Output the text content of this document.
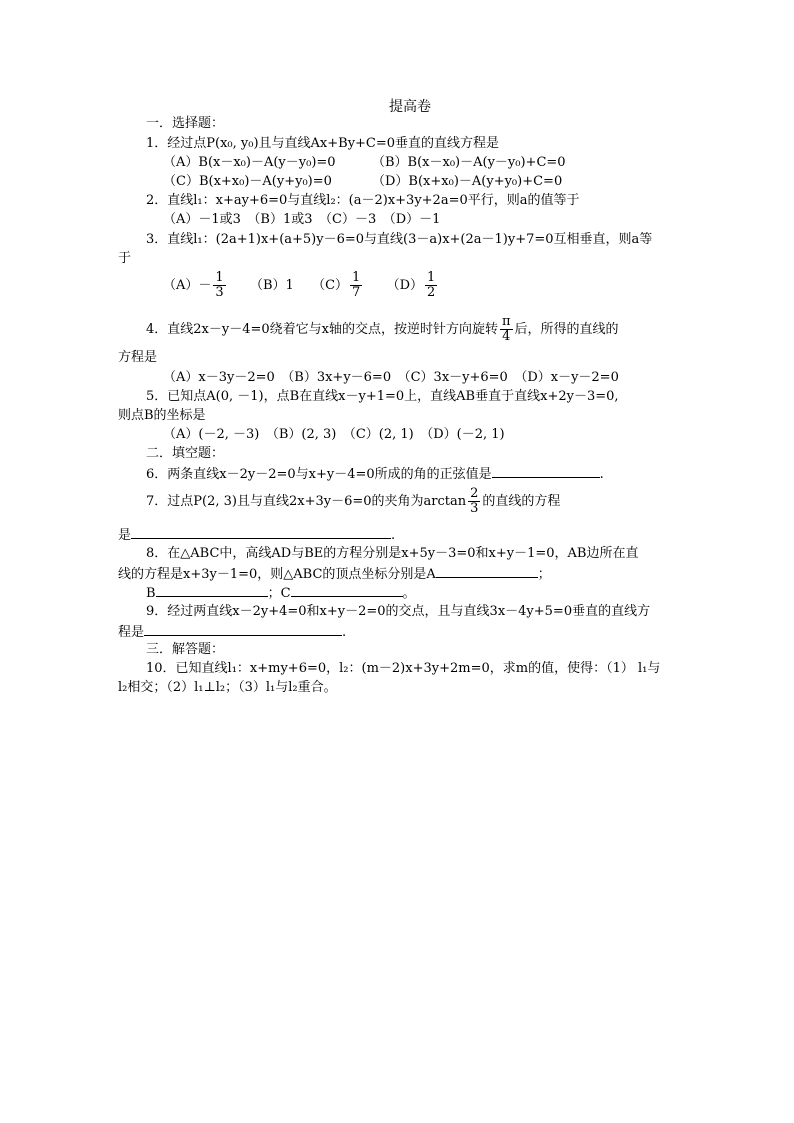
提高卷
一．选择题：
1．经过点P(x₀, y₀)且与直线Ax+By+C=0垂直的直线方程是
（A）B(x－x₀)－A(y－y₀)=0	（B）B(x－x₀)－A(y－y₀)+C=0
（C）B(x+x₀)－A(y+y₀)=0	（D）B(x+x₀)－A(y+y₀)+C=0
2．直线l₁：x+ay+6=0与直线l₂：(a－2)x+3y+2a=0平行，则a的值等于
（A）－1或3　（B）1或3　（C）－3　（D）－1
3．直线l₁：(2a+1)x+(a+5)y－6=0与直线(3－a)x+(2a－1)y+7=0互相垂直，则a等
于
$(A)- \frac{1}{3} (B)1$ $(C) \frac{1}{7} (D) \frac{1}{2}$
4．直线2x－y－4=0绕着它与x轴的交点，按逆时针方向旋转 $\frac{\pi}{4}$ 后，所得的直线的
方程是
（A）x－3y－2=0　（B）3x+y－6=0　（C）3x－y+6=0　（D）x－y－2=0
5．已知点A(0, －1)，点B在直线x－y+1=0上，直线AB垂直于直线x+2y－3=0,
则点B的坐标是
（A）(－2, －3)　（B）(2, 3)　（C）(2, 1)　（D）(－2, 1)
二．填空题：
6．两条直线x－2y－2=0与x+y－4=0所成的角的正弦值是	.
7．过点P(2, 3)且与直线2x+3y－6=0的夹角为$\arctan \frac{2}{3}$ 的直线的方程
是	.
8．在△ABC中，高线AD与BE的方程分别是x+5y－3=0和x+y－1=0，AB边所在直
线的方程是x+3y－1=0，则△ABC的顶点坐标分别是A	；
B	；C	。
9．经过两直线x－2y+4=0和x+y－2=0的交点，且与直线3x－4y+5=0垂直的直线方
程是	.
三．解答题：
10．已知直线l₁：x+my+6=0，l₂：(m－2)x+3y+2m=0，求m的值，使得：（1） l₁与
l₂相交；（2）l₁⊥l₂；（3）l₁与l₂重合。
